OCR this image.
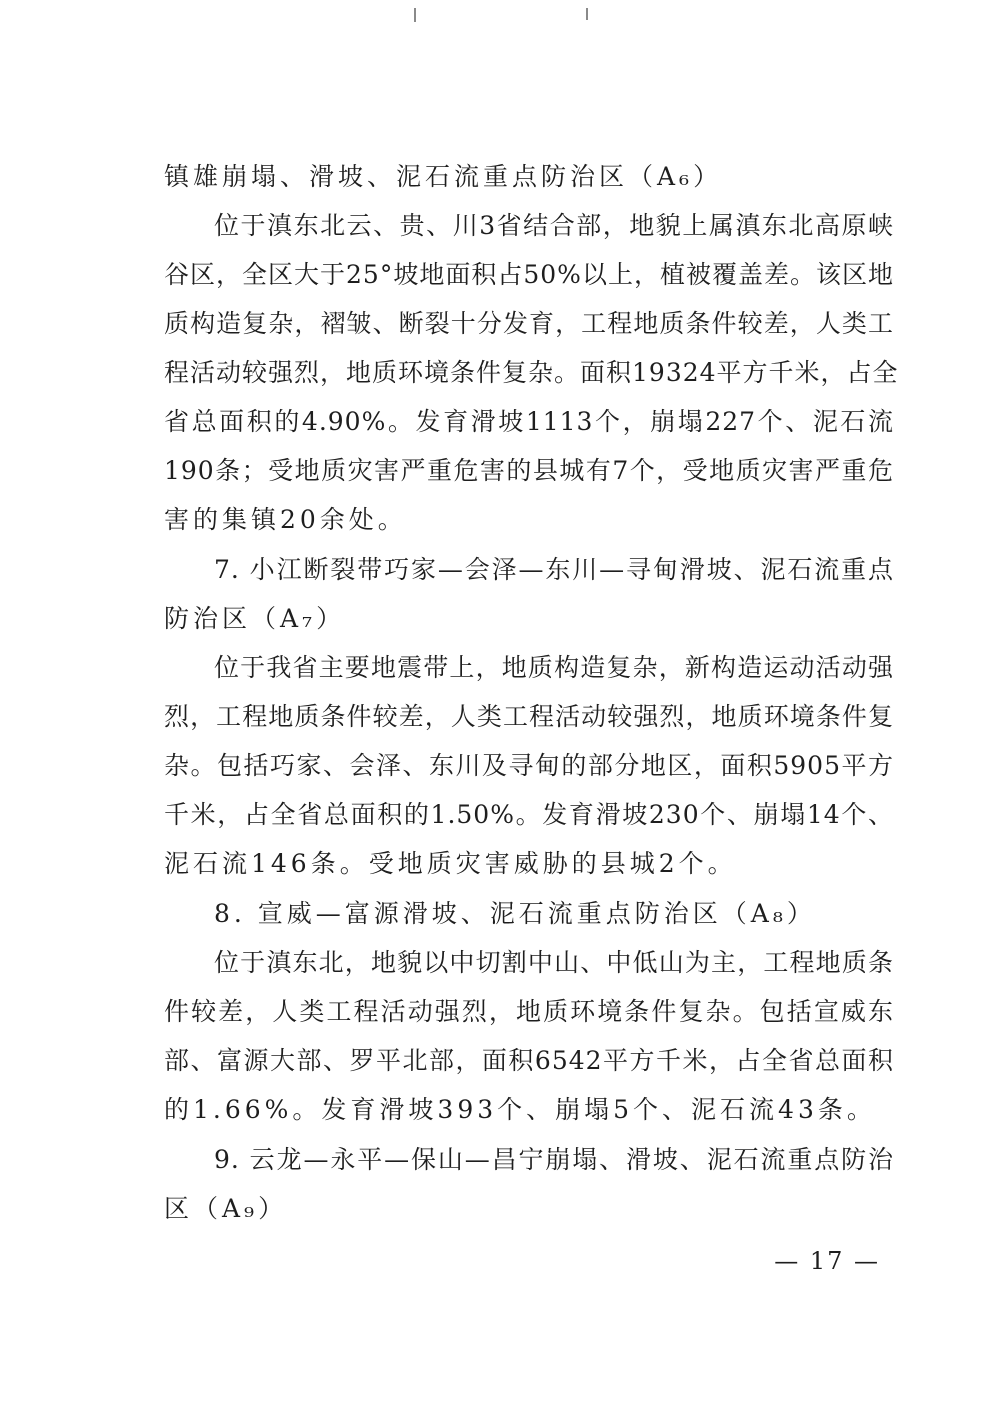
镇雄崩塌、滑坡、泥石流重点防治区（A₆）
位于滇东北云、贵、川3省结合部，地貌上属滇东北高原峡
谷区，全区大于25°坡地面积占50%以上，植被覆盖差。该区地
质构造复杂，褶皱、断裂十分发育，工程地质条件较差，人类工
程活动较强烈，地质环境条件复杂。面积19324平方千米，占全
省总面积的4.90%。发育滑坡1113个，崩塌227个、泥石流
190条；受地质灾害严重危害的县城有7个，受地质灾害严重危
害的集镇20余处。
7. 小江断裂带巧家—会泽—东川—寻甸滑坡、泥石流重点
防治区（A₇）
位于我省主要地震带上，地质构造复杂，新构造运动活动强
烈，工程地质条件较差，人类工程活动较强烈，地质环境条件复
杂。包括巧家、会泽、东川及寻甸的部分地区，面积5905平方
千米，占全省总面积的1.50%。发育滑坡230个、崩塌14个、
泥石流146条。受地质灾害威胁的县城2个。
8. 宣威—富源滑坡、泥石流重点防治区（A₈）
位于滇东北，地貌以中切割中山、中低山为主，工程地质条
件较差，人类工程活动强烈，地质环境条件复杂。包括宣威东
部、富源大部、罗平北部，面积6542平方千米，占全省总面积
的1.66%。发育滑坡393个、崩塌5个、泥石流43条。
9. 云龙—永平—保山—昌宁崩塌、滑坡、泥石流重点防治
区（A₉）
— 17 —
